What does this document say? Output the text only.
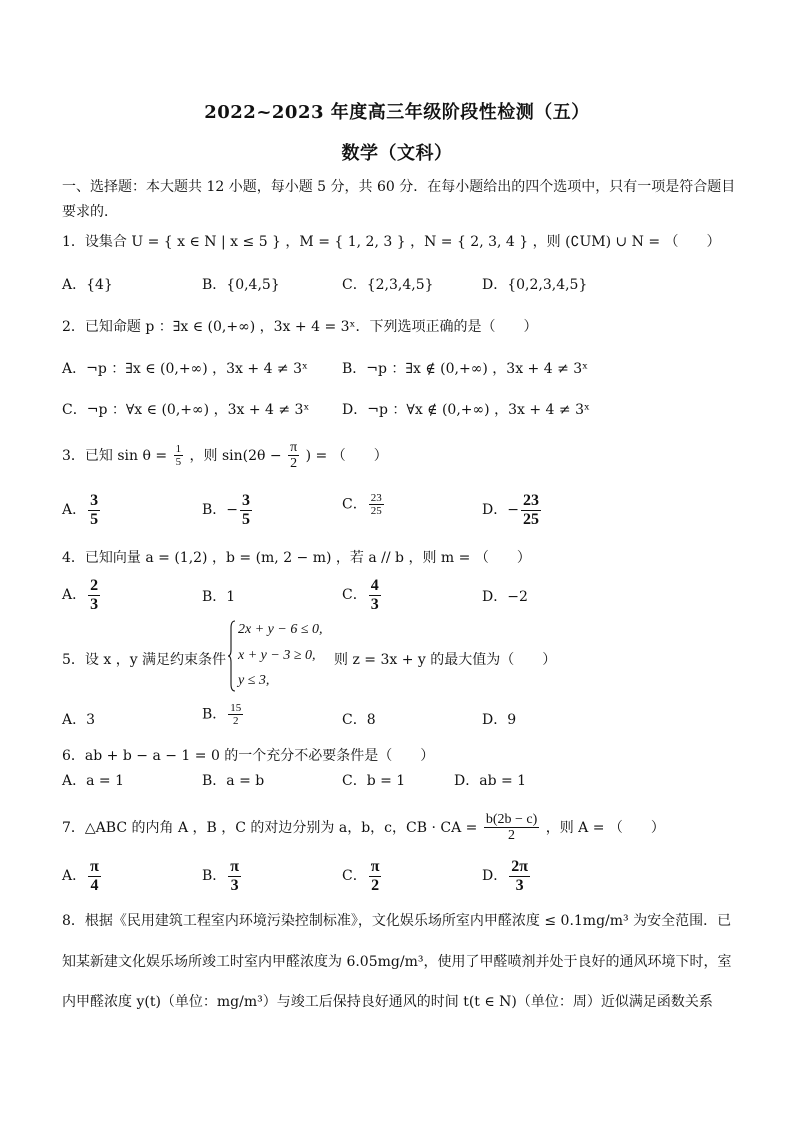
2022~2023 年度高三年级阶段性检测（五）
数学（文科）
一、选择题：本大题共 12 小题，每小题 5 分，共 60 分．在每小题给出的四个选项中，只有一项是符合题目
要求的．
1．设集合 U = { x ∈ N | x ≤ 5 } ，M = { 1, 2, 3 } ，N = { 2, 3, 4 } ，则 (∁UM) ∪ N = （　　）
A．{4}	B．{0,4,5}	C．{2,3,4,5}	D．{0,2,3,4,5}
2．已知命题 p ：∃x ∈ (0,+∞) ，3x + 4 = 3ˣ．下列选项正确的是（　　）
A．¬p ：∃x ∈ (0,+∞) ，3x + 4 ≠ 3ˣ B．¬p ：∃x ∉ (0,+∞) ，3x + 4 ≠ 3ˣ
C．¬p ：∀x ∈ (0,+∞) ，3x + 4 ≠ 3ˣ D．¬p ：∀x ∉ (0,+∞) ，3x + 4 ≠ 3ˣ
3．已知 $\sin \theta = \frac{1}{5}$ ，则 $\sin(2\theta - \frac{\pi}{2}$ ) = （　　）
A． $\frac{3}{5}$	B．− $\frac{3}{5}$	C． $\frac{23}{25}$	D．− $\frac{23}{25}$
4．已知向量 a = (1,2) ，b = (m, 2 − m) ，若 a // b ，则 m = （　　）
A． $\frac{2}{3}$	B．1	C． $\frac{4}{3}$	D．−2
5．设 x ，y 满足约束条件
2x + y − 6 ≤ 0,
x + y − 3 ≥ 0,
y ≤ 3,
则 z = 3x + y 的最大值为（　　）
A．3	B． $\frac{15}{2}$	C．8	D．9
6．ab + b − a − 1 = 0 的一个充分不必要条件是（　　）
A．a = 1	B．a = b	C．b = 1	D．ab = 1
7．△ABC 的内角 A ，B ，C 的对边分别为 a，b，c，CB · CA = $\frac{b(2b - c)}{2}$ ，则 A = （　　）
A． $\frac{\pi}{4}$	B． $\frac{\pi}{3}$	C． $\frac{\pi}{2}$	D． $\frac{2\pi}{3}$
8．根据《民用建筑工程室内环境污染控制标准》，文化娱乐场所室内甲醛浓度 ≤ 0.1mg/m³ 为安全范围．已
知某新建文化娱乐场所竣工时室内甲醛浓度为 6.05mg/m³，使用了甲醛喷剂并处于良好的通风环境下时，室
内甲醛浓度 y(t)（单位：mg/m³）与竣工后保持良好通风的时间 t(t ∈ N)（单位：周）近似满足函数关系
